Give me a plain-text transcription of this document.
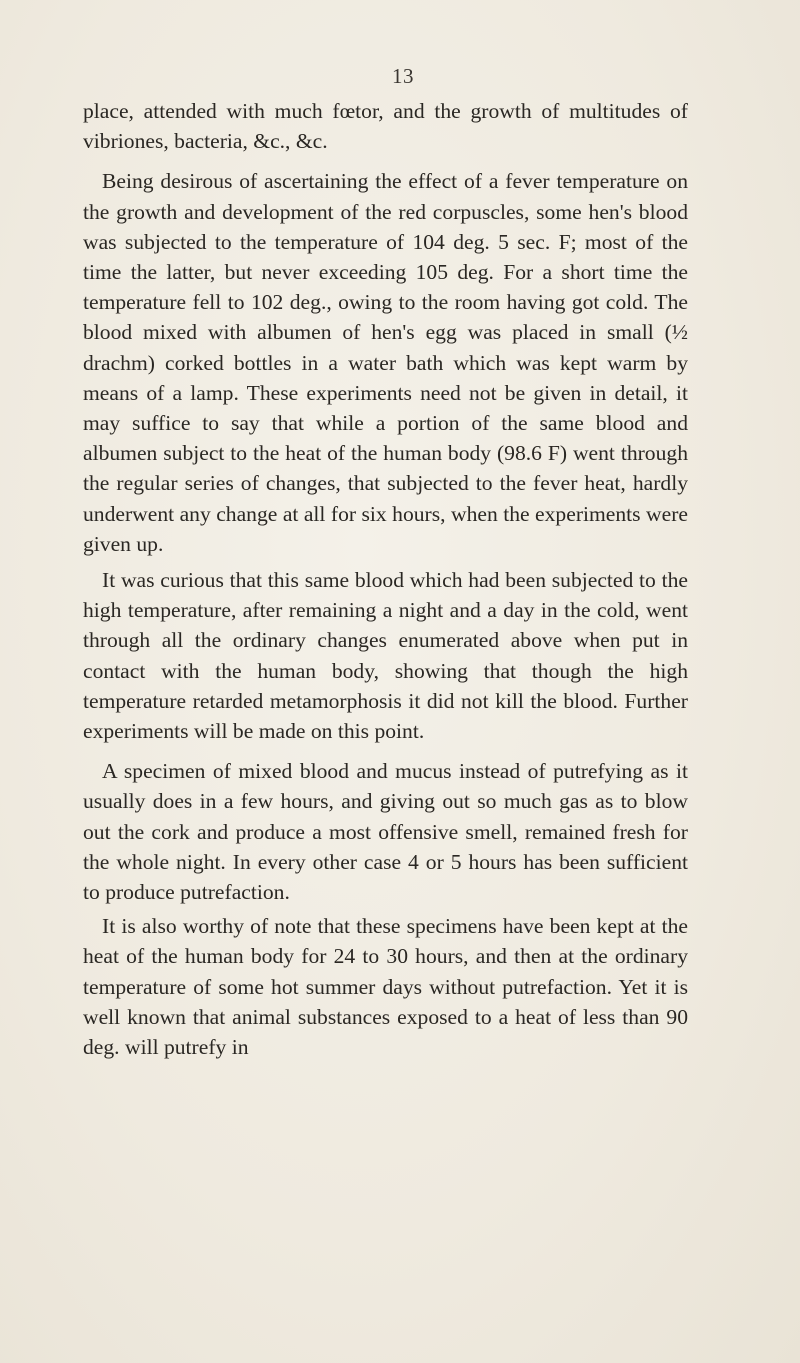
13

place, attended with much fœtor, and the growth of multitudes of vibriones, bacteria, &c., &c.

Being desirous of ascertaining the effect of a fever temperature on the growth and development of the red corpuscles, some hen's blood was subjected to the temperature of 104 deg. 5 sec. F; most of the time the latter, but never exceeding 105 deg. For a short time the temperature fell to 102 deg., owing to the room having got cold. The blood mixed with albumen of hen's egg was placed in small (½ drachm) corked bottles in a water bath which was kept warm by means of a lamp. These experiments need not be given in detail, it may suffice to say that while a portion of the same blood and albumen subject to the heat of the human body (98.6 F) went through the regular series of changes, that subjected to the fever heat, hardly underwent any change at all for six hours, when the experiments were given up.

It was curious that this same blood which had been subjected to the high temperature, after remaining a night and a day in the cold, went through all the ordinary changes enumerated above when put in contact with the human body, showing that though the high temperature retarded metamorphosis it did not kill the blood. Further experiments will be made on this point.

A specimen of mixed blood and mucus instead of putrefying as it usually does in a few hours, and giving out so much gas as to blow out the cork and produce a most offensive smell, remained fresh for the whole night. In every other case 4 or 5 hours has been sufficient to produce putrefaction.

It is also worthy of note that these specimens have been kept at the heat of the human body for 24 to 30 hours, and then at the ordinary temperature of some hot summer days without putrefaction. Yet it is well known that animal substances exposed to a heat of less than 90 deg. will putrefy in
